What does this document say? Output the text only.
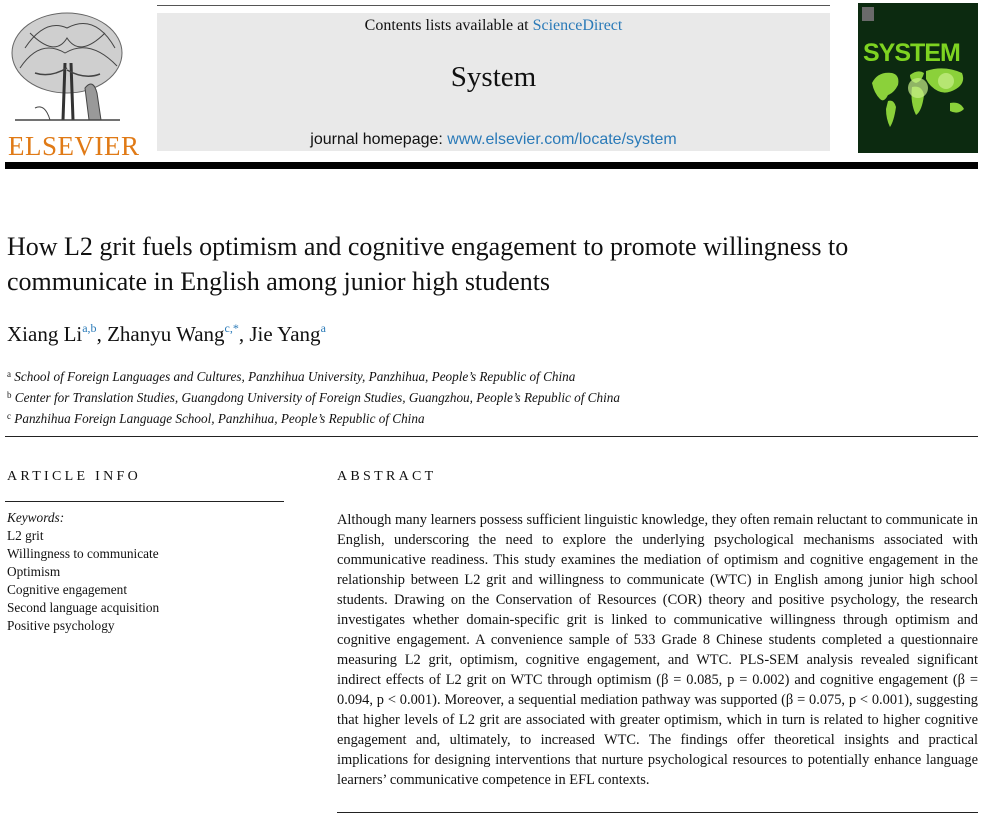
ELSEVIER
Contents lists available at ScienceDirect
System
journal homepage: www.elsevier.com/locate/system
SYSTEM
How L2 grit fuels optimism and cognitive engagement to promote willingness to communicate in English among junior high students
Xiang Li$^{a,b}$, Zhanyu Wang$^{c,*}$, Jie Yang$^a$
$^a$ School of Foreign Languages and Cultures, Panzhihua University, Panzhihua, People’s Republic of China
$^b$ Center for Translation Studies, Guangdong University of Foreign Studies, Guangzhou, People’s Republic of China
$^c$ Panzhihua Foreign Language School, Panzhihua, People’s Republic of China
ARTICLE INFO
Keywords:
L2 grit
Willingness to communicate
Optimism
Cognitive engagement
Second language acquisition
Positive psychology
ABSTRACT

Although many learners possess sufficient linguistic knowledge, they often remain reluctant to communicate in English, underscoring the need to explore the underlying psychological mechanisms associated with communicative readiness. This study examines the mediation of optimism and cognitive engagement in the relationship between L2 grit and willingness to communicate (WTC) in English among junior high school students. Drawing on the Conservation of Resources (COR) theory and positive psychology, the research investigates whether domain-specific grit is linked to communicative willingness through optimism and cognitive engagement. A convenience sample of 533 Grade 8 Chinese students completed a questionnaire measuring L2 grit, optimism, cognitive engagement, and WTC. PLS-SEM analysis revealed significant indirect effects of L2 grit on WTC through optimism (β = 0.085, p = 0.002) and cognitive engagement (β = 0.094, p < 0.001). Moreover, a sequential mediation pathway was supported (β = 0.075, p < 0.001), suggesting that higher levels of L2 grit are associated with greater optimism, which in turn is related to higher cognitive engagement and, ultimately, to increased WTC. The findings offer theoretical insights and practical implications for designing interventions that nurture psychological resources to potentially enhance language learners’ communicative competence in EFL contexts.
